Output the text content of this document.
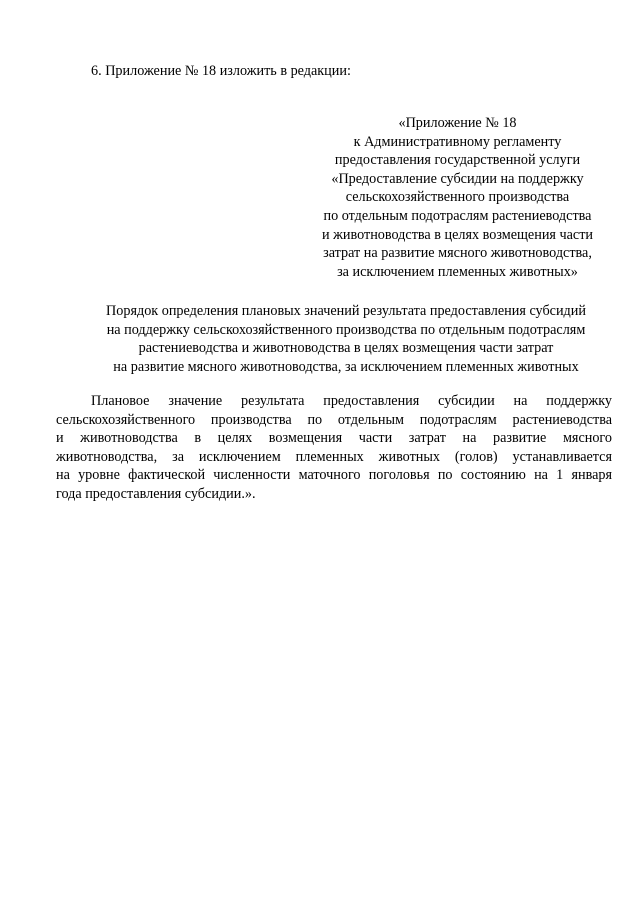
6. Приложение № 18 изложить в редакции:
«Приложение № 18
к Административному регламенту
предоставления государственной услуги
«Предоставление субсидии на поддержку
сельскохозяйственного производства
по отдельным подотраслям растениеводства
и животноводства в целях возмещения части
затрат на развитие мясного животноводства,
за исключением племенных животных»
Порядок определения плановых значений результата предоставления субсидий
на поддержку сельскохозяйственного производства по отдельным подотраслям
растениеводства и животноводства в целях возмещения части затрат
на развитие мясного животноводства, за исключением племенных животных
Плановое значение результата предоставления субсидии на поддержку
сельскохозяйственного производства по отдельным подотраслям растениеводства
и животноводства в целях возмещения части затрат на развитие мясного
животноводства, за исключением племенных животных (голов) устанавливается
на уровне фактической численности маточного поголовья по состоянию на 1 января
года предоставления субсидии.».
